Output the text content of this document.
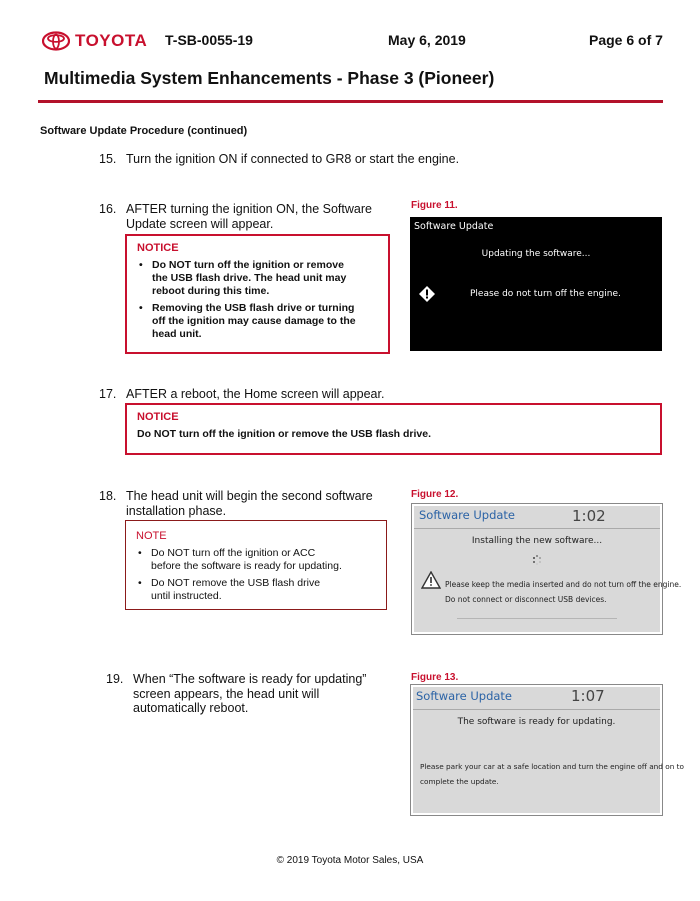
TOYOTA T-SB-0055-19	May 6, 2019	Page 6 of 7
Multimedia System Enhancements - Phase 3 (Pioneer)
Software Update Procedure (continued)
15. Turn the ignition ON if connected to GR8 or start the engine.
16. AFTER turning the ignition ON, the Software
Update screen will appear.
NOTICE
• Do NOT turn off the ignition or remove
the USB flash drive. The head unit may
reboot during this time.
• Removing the USB flash drive or turning
off the ignition may cause damage to the
head unit.
Figure 11.
Software Update
Updating the software...
Please do not turn off the engine.
17. AFTER a reboot, the Home screen will appear.
NOTICE
Do NOT turn off the ignition or remove the USB flash drive.
18. The head unit will begin the second software
installation phase.
NOTE
• Do NOT turn off the ignition or ACC
before the software is ready for updating.
• Do NOT remove the USB flash drive
until instructed.
Figure 12.
Software Update	1:02
Installing the new software...
Please keep the media inserted and do not turn off the engine.
Do not connect or disconnect USB devices.
19. When “The software is ready for updating”
screen appears, the head unit will
automatically reboot.
Figure 13.
Software Update	1:07
The software is ready for updating.
Please park your car at a safe location and turn the engine off and on to
complete the update.
© 2019 Toyota Motor Sales, USA
